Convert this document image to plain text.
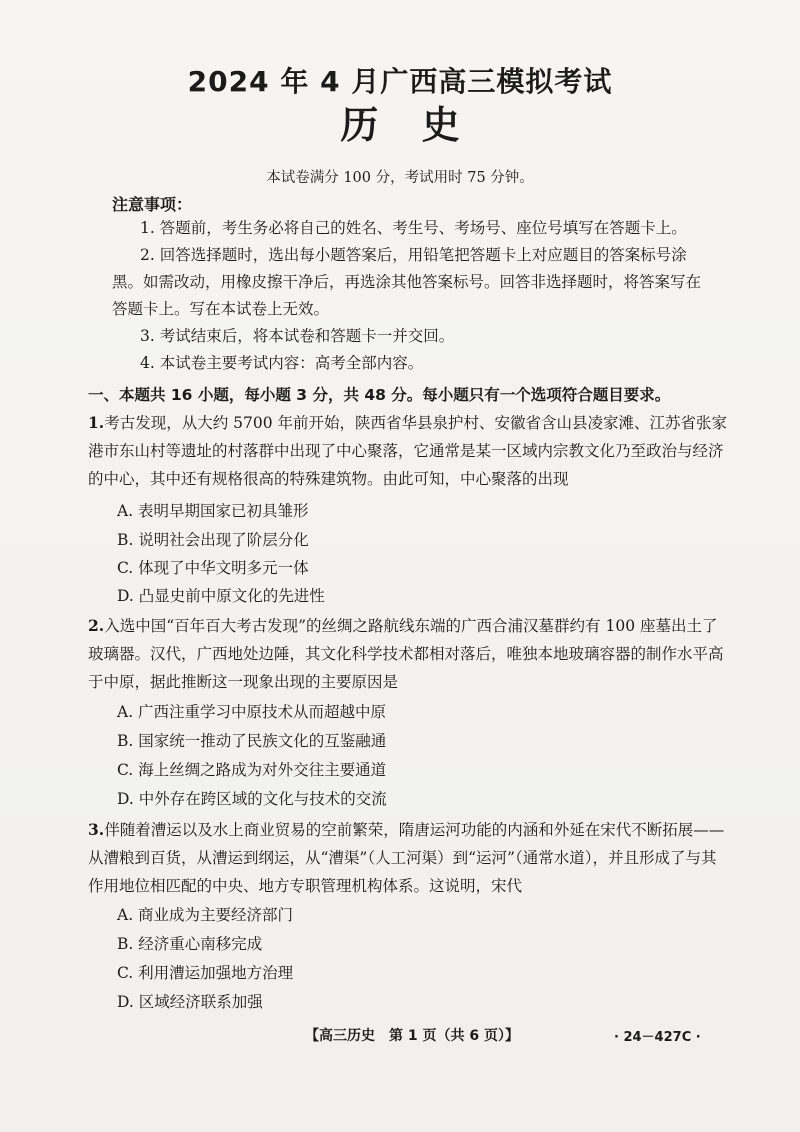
2024 年 4 月广西高三模拟考试
历 史
本试卷满分 100 分，考试用时 75 分钟。
注意事项：
1. 答题前，考生务必将自己的姓名、考生号、考场号、座位号填写在答题卡上。
2. 回答选择题时，选出每小题答案后，用铅笔把答题卡上对应题目的答案标号涂黑。如需改动，用橡皮擦干净后，再选涂其他答案标号。回答非选择题时，将答案写在答题卡上。写在本试卷上无效。
3. 考试结束后，将本试卷和答题卡一并交回。
4. 本试卷主要考试内容：高考全部内容。
一、本题共 16 小题，每小题 3 分，共 48 分。每小题只有一个选项符合题目要求。
1.考古发现，从大约 5700 年前开始，陕西省华县泉护村、安徽省含山县凌家滩、江苏省张家港市东山村等遗址的村落群中出现了中心聚落，它通常是某一区域内宗教文化乃至政治与经济的中心，其中还有规格很高的特殊建筑物。由此可知，中心聚落的出现
A. 表明早期国家已初具雏形
B. 说明社会出现了阶层分化
C. 体现了中华文明多元一体
D. 凸显史前中原文化的先进性
2.入选中国“百年百大考古发现”的丝绸之路航线东端的广西合浦汉墓群约有 100 座墓出土了玻璃器。汉代，广西地处边陲，其文化科学技术都相对落后，唯独本地玻璃容器的制作水平高于中原，据此推断这一现象出现的主要原因是
A. 广西注重学习中原技术从而超越中原
B. 国家统一推动了民族文化的互鉴融通
C. 海上丝绸之路成为对外交往主要通道
D. 中外存在跨区域的文化与技术的交流
3.伴随着漕运以及水上商业贸易的空前繁荣，隋唐运河功能的内涵和外延在宋代不断拓展——从漕粮到百货，从漕运到纲运，从“漕渠”（人工河渠）到“运河”（通常水道），并且形成了与其作用地位相匹配的中央、地方专职管理机构体系。这说明，宋代
A. 商业成为主要经济部门
B. 经济重心南移完成
C. 利用漕运加强地方治理
D. 区域经济联系加强
【高三历史　第 1 页（共 6 页）】	· 24－427C ·
